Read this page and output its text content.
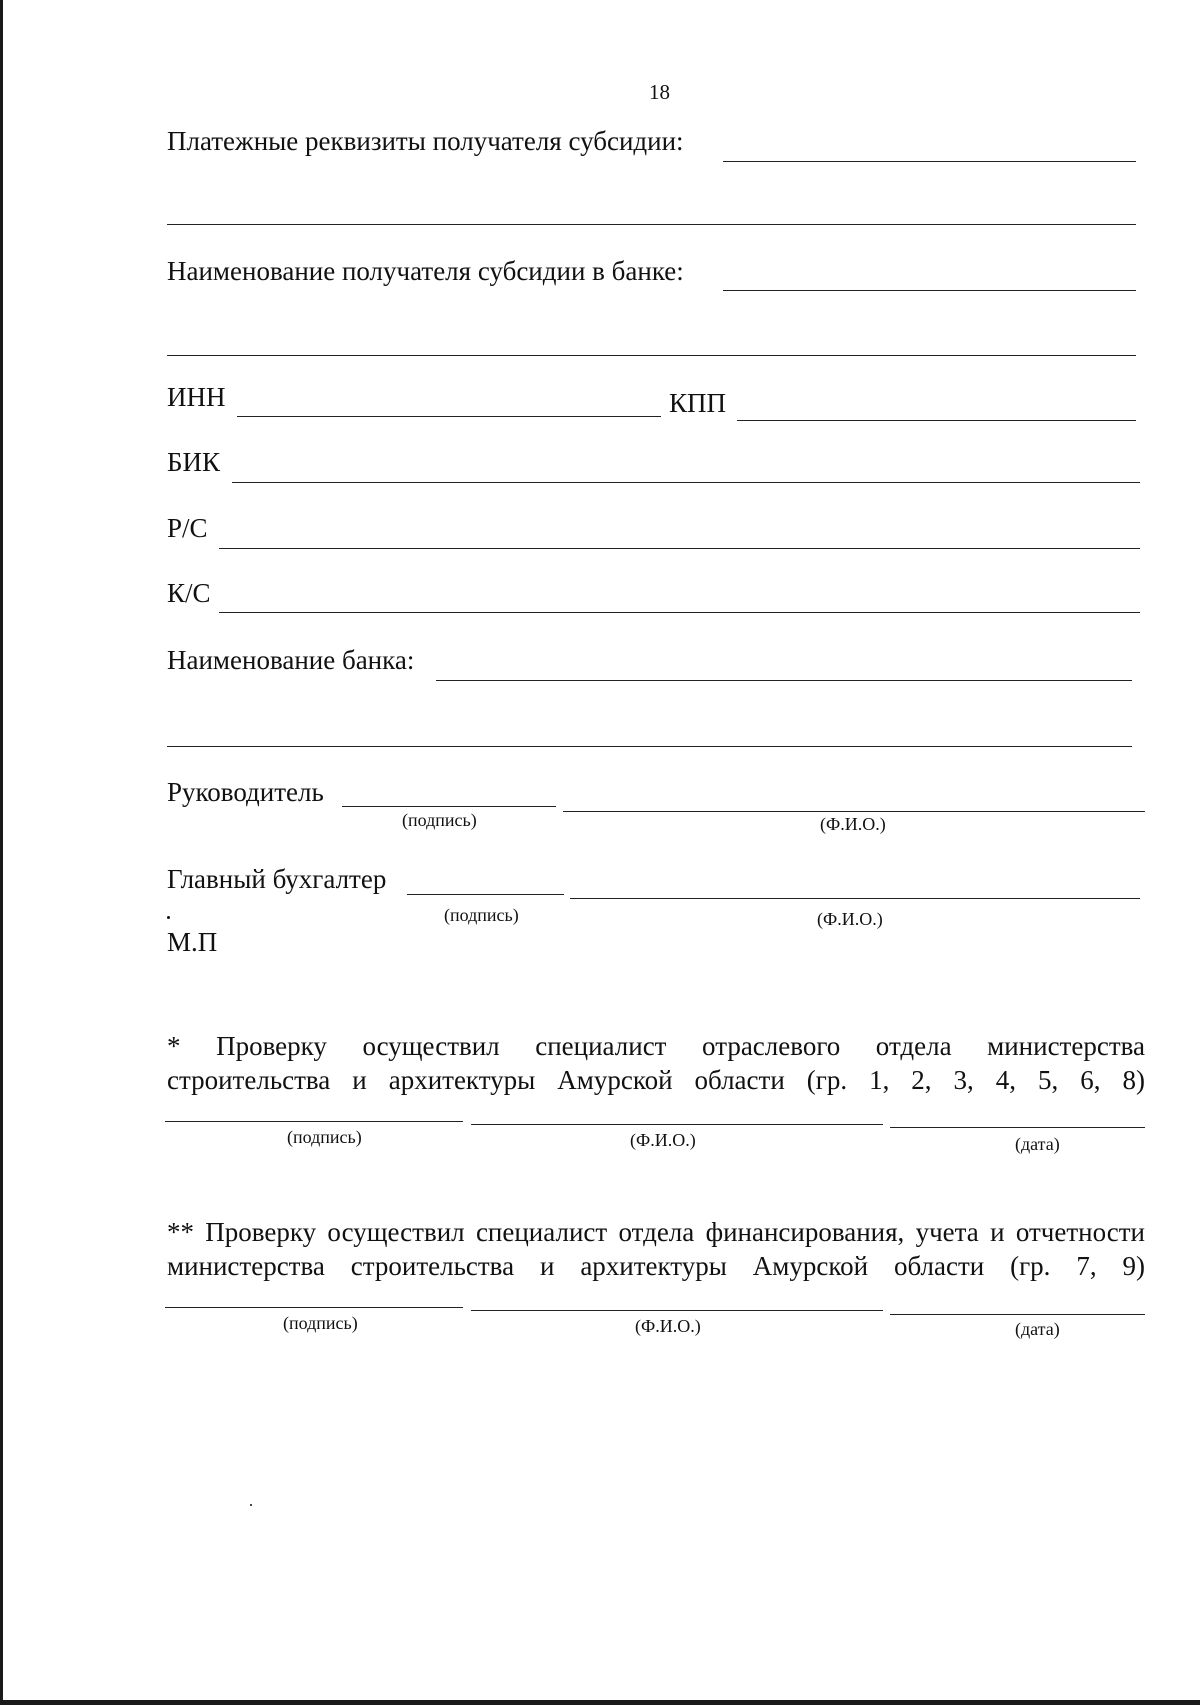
18
Платежные реквизиты получателя субсидии:
Наименование получателя субсидии в банке:
ИНН	КПП
БИК
Р/С
К/С
Наименование банка:
Руководитель
(подпись)	(Ф.И.О.)
Главный бухгалтер
(подпись)	(Ф.И.О.)
М.П
* Проверку осуществил специалист отраслевого отдела министерства
строительства и архитектуры Амурской области (гр. 1, 2, 3, 4, 5, 6, 8)
(подпись)	(Ф.И.О.)	(дата)
** Проверку осуществил специалист отдела финансирования, учета и отчетности
министерства строительства и архитектуры Амурской области (гр. 7, 9)
(подпись)	(Ф.И.О.)	(дата)
